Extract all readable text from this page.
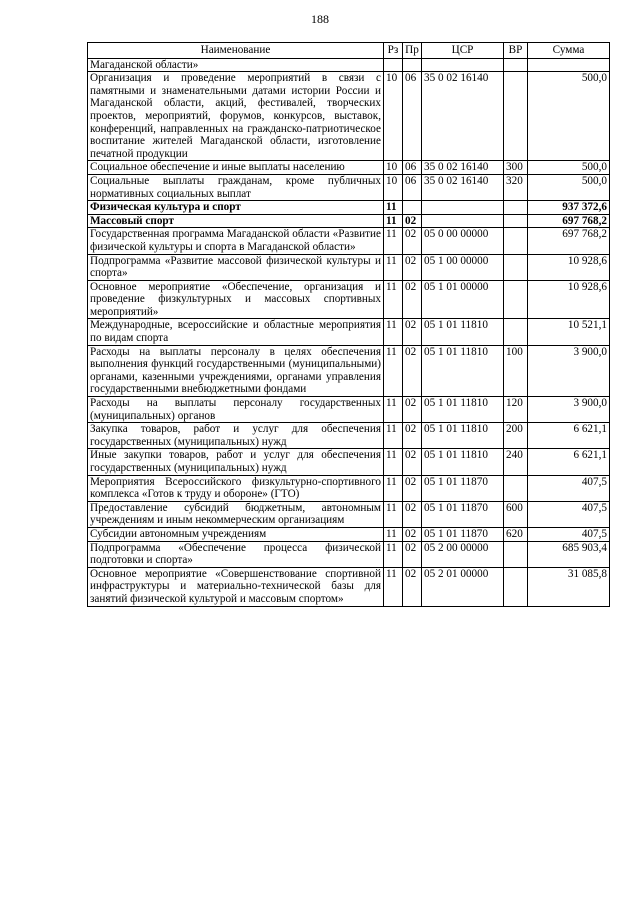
188
Наименование	Рз	Пр	ЦСР	ВР	Сумма
Магаданской области»					
Организация и проведение мероприятий в связи с памятными и знаменательными датами истории России и Магаданской области, акций, фестивалей, творческих проектов, мероприятий, форумов, конкурсов, выставок, конференций, направленных на гражданско-патриотическое воспитание жителей Магаданской области, изготовление печатной продукции	10	06	35 0 02 16140		500,0
Социальное обеспечение и иные выплаты населению	10	06	35 0 02 16140	300	500,0
Социальные выплаты гражданам, кроме публичных нормативных социальных выплат	10	06	35 0 02 16140	320	500,0
Физическая культура и спорт	11				937 372,6
Массовый спорт	11	02			697 768,2
Государственная программа Магаданской области «Развитие физической культуры и спорта в Магаданской области»	11	02	05 0 00 00000		697 768,2
Подпрограмма «Развитие массовой физической культуры и спорта»	11	02	05 1 00 00000		10 928,6
Основное мероприятие «Обеспечение, организация и проведение физкультурных и массовых спортивных мероприятий»	11	02	05 1 01 00000		10 928,6
Международные, всероссийские и областные мероприятия по видам спорта	11	02	05 1 01 11810		10 521,1
Расходы на выплаты персоналу в целях обеспечения выполнения функций государственными (муниципальными) органами, казенными учреждениями, органами управления государственными внебюджетными фондами	11	02	05 1 01 11810	100	3 900,0
Расходы на выплаты персоналу государственных (муниципальных) органов	11	02	05 1 01 11810	120	3 900,0
Закупка товаров, работ и услуг для обеспечения государственных (муниципальных) нужд	11	02	05 1 01 11810	200	6 621,1
Иные закупки товаров, работ и услуг для обеспечения государственных (муниципальных) нужд	11	02	05 1 01 11810	240	6 621,1
Мероприятия Всероссийского физкультурно-спортивного комплекса «Готов к труду и обороне» (ГТО)	11	02	05 1 01 11870		407,5
Предоставление субсидий бюджетным, автономным учреждениям и иным некоммерческим организациям	11	02	05 1 01 11870	600	407,5
Субсидии автономным учреждениям	11	02	05 1 01 11870	620	407,5
Подпрограмма «Обеспечение процесса физической подготовки и спорта»	11	02	05 2 00 00000		685 903,4
Основное мероприятие «Совершенствование спортивной инфраструктуры и материально-технической базы для занятий физической культурой и массовым спортом»	11	02	05 2 01 00000		31 085,8
